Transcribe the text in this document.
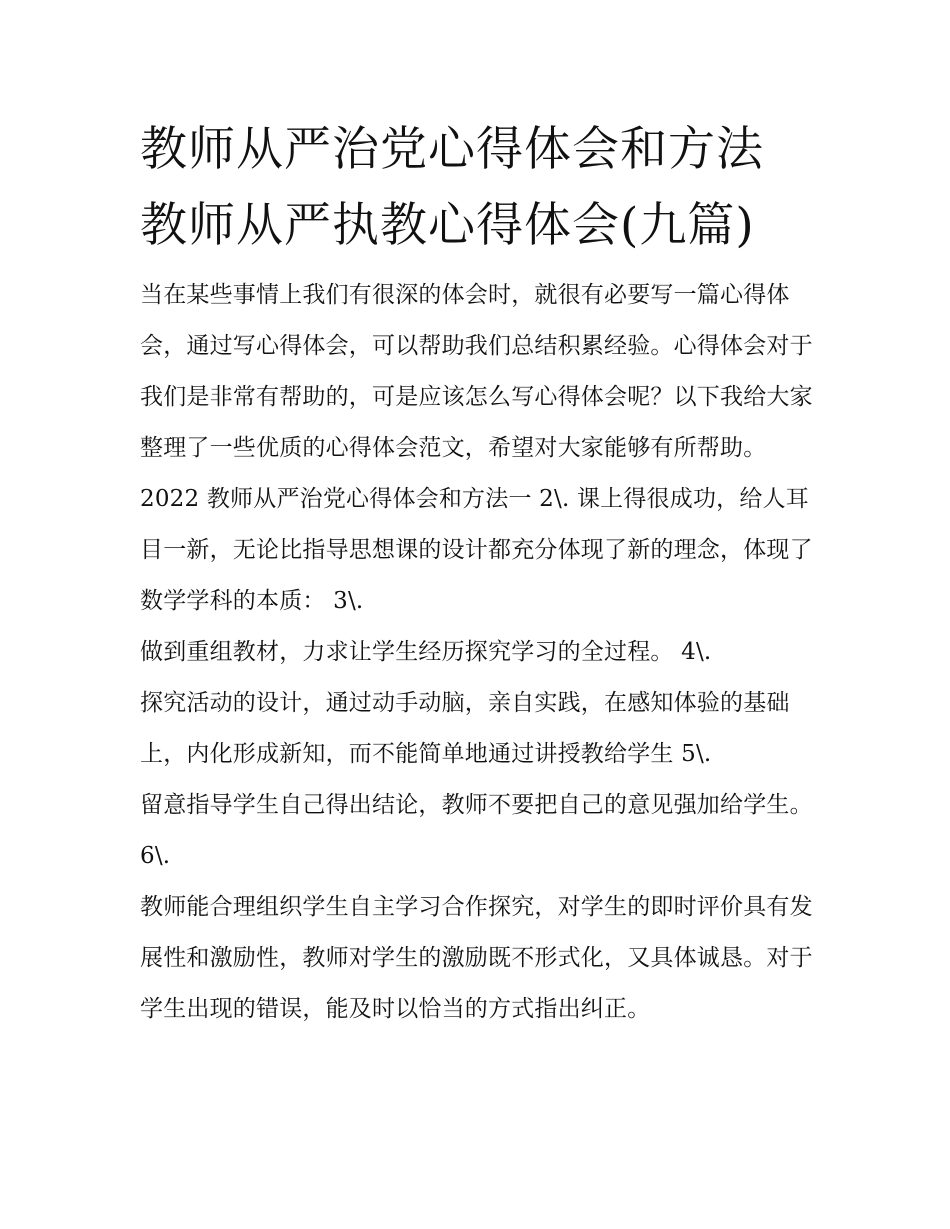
教师从严治党心得体会和方法
教师从严执教心得体会(九篇)

当在某些事情上我们有很深的体会时，就很有必要写一篇心得体会，通过写心得体会，可以帮助我们总结积累经验。心得体会对于我们是非常有帮助的，可是应该怎么写心得体会呢？以下我给大家整理了一些优质的心得体会范文，希望对大家能够有所帮助。

2022 教师从严治党心得体会和方法一 2\. 课上得很成功，给人耳目一新，无论比指导思想课的设计都充分体现了新的理念，体现了数学学科的本质： 3\.

做到重组教材，力求让学生经历探究学习的全过程。 4\.

探究活动的设计，通过动手动脑，亲自实践，在感知体验的基础上，内化形成新知，而不能简单地通过讲授教给学生 5\.

留意指导学生自己得出结论，教师不要把自己的意见强加给学生。 6\.

教师能合理组织学生自主学习合作探究，对学生的即时评价具有发展性和激励性，教师对学生的激励既不形式化，又具体诚恳。对于学生出现的错误，能及时以恰当的方式指出纠正。
